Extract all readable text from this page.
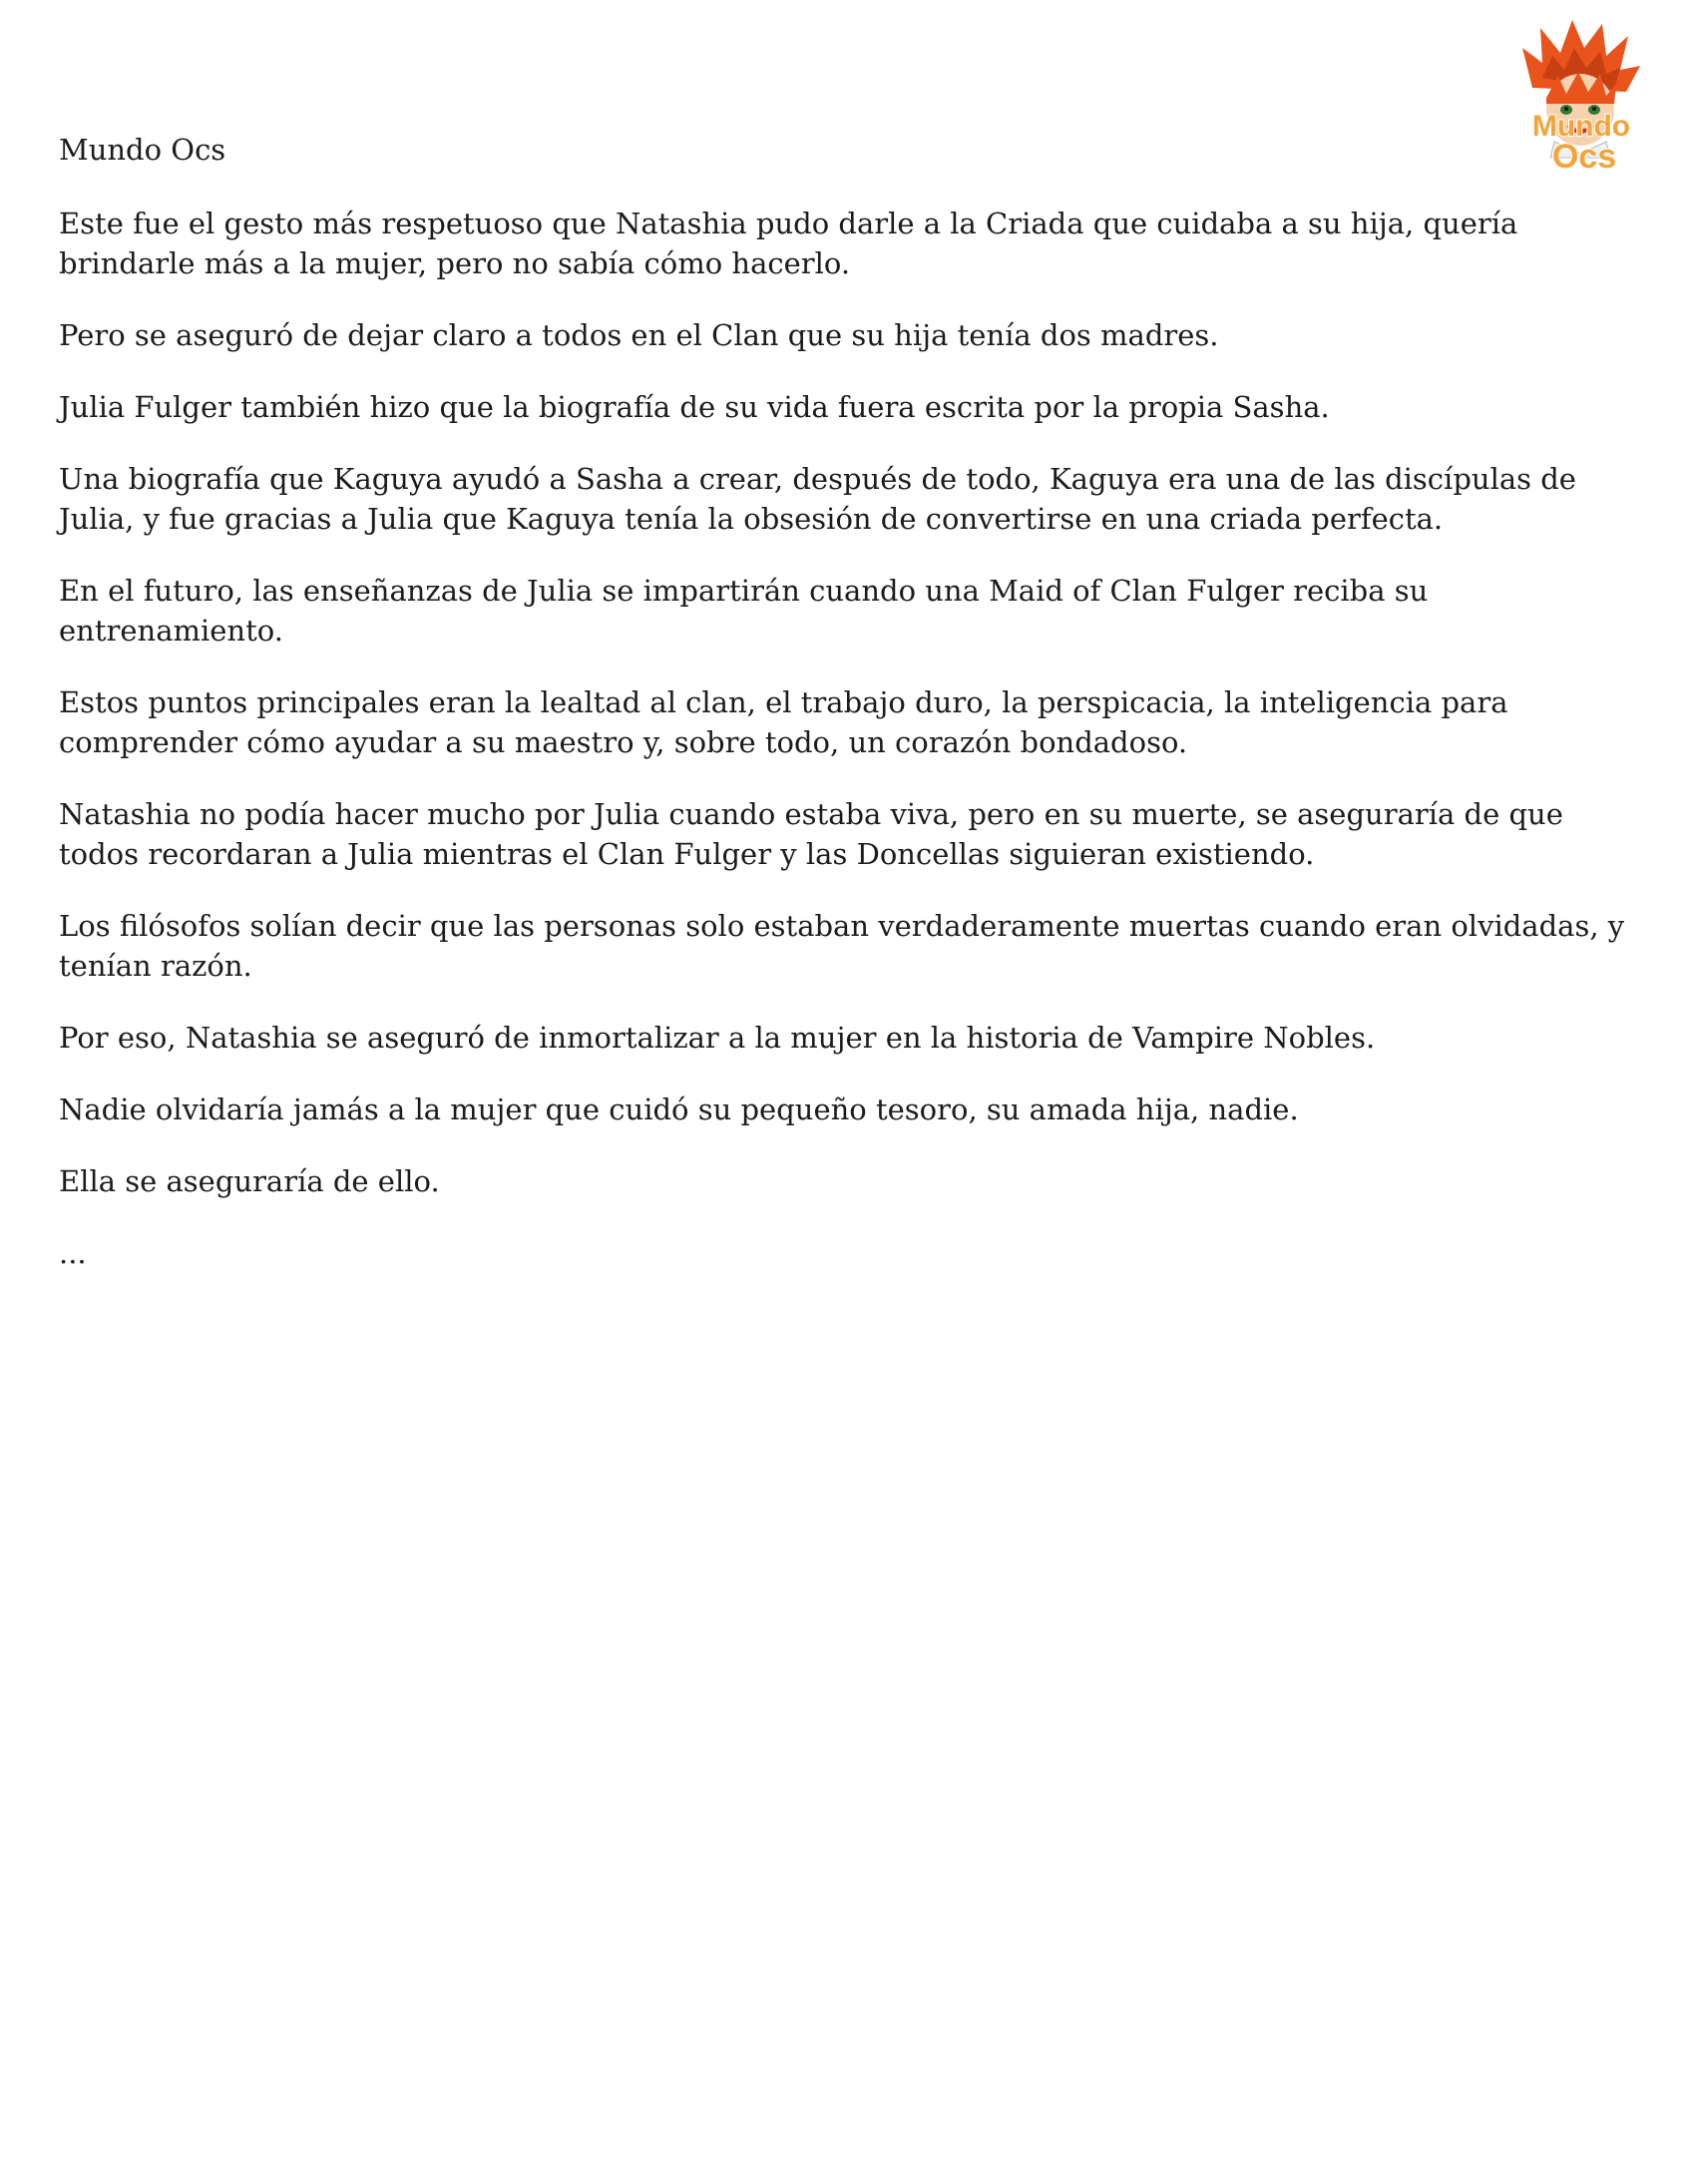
Mundo
Ocs

Mundo Ocs

Este fue el gesto más respetuoso que Natashia pudo darle a la Criada que cuidaba a su hija, quería brindarle más a la mujer, pero no sabía cómo hacerlo.

Pero se aseguró de dejar claro a todos en el Clan que su hija tenía dos madres.

Julia Fulger también hizo que la biografía de su vida fuera escrita por la propia Sasha.

Una biografía que Kaguya ayudó a Sasha a crear, después de todo, Kaguya era una de las discípulas de Julia, y fue gracias a Julia que Kaguya tenía la obsesión de convertirse en una criada perfecta.

En el futuro, las enseñanzas de Julia se impartirán cuando una Maid of Clan Fulger reciba su entrenamiento.

Estos puntos principales eran la lealtad al clan, el trabajo duro, la perspicacia, la inteligencia para comprender cómo ayudar a su maestro y, sobre todo, un corazón bondadoso.

Natashia no podía hacer mucho por Julia cuando estaba viva, pero en su muerte, se aseguraría de que todos recordaran a Julia mientras el Clan Fulger y las Doncellas siguieran existiendo.

Los filósofos solían decir que las personas solo estaban verdaderamente muertas cuando eran olvidadas, y tenían razón.

Por eso, Natashia se aseguró de inmortalizar a la mujer en la historia de Vampire Nobles.

Nadie olvidaría jamás a la mujer que cuidó su pequeño tesoro, su amada hija, nadie.

Ella se aseguraría de ello.

...
